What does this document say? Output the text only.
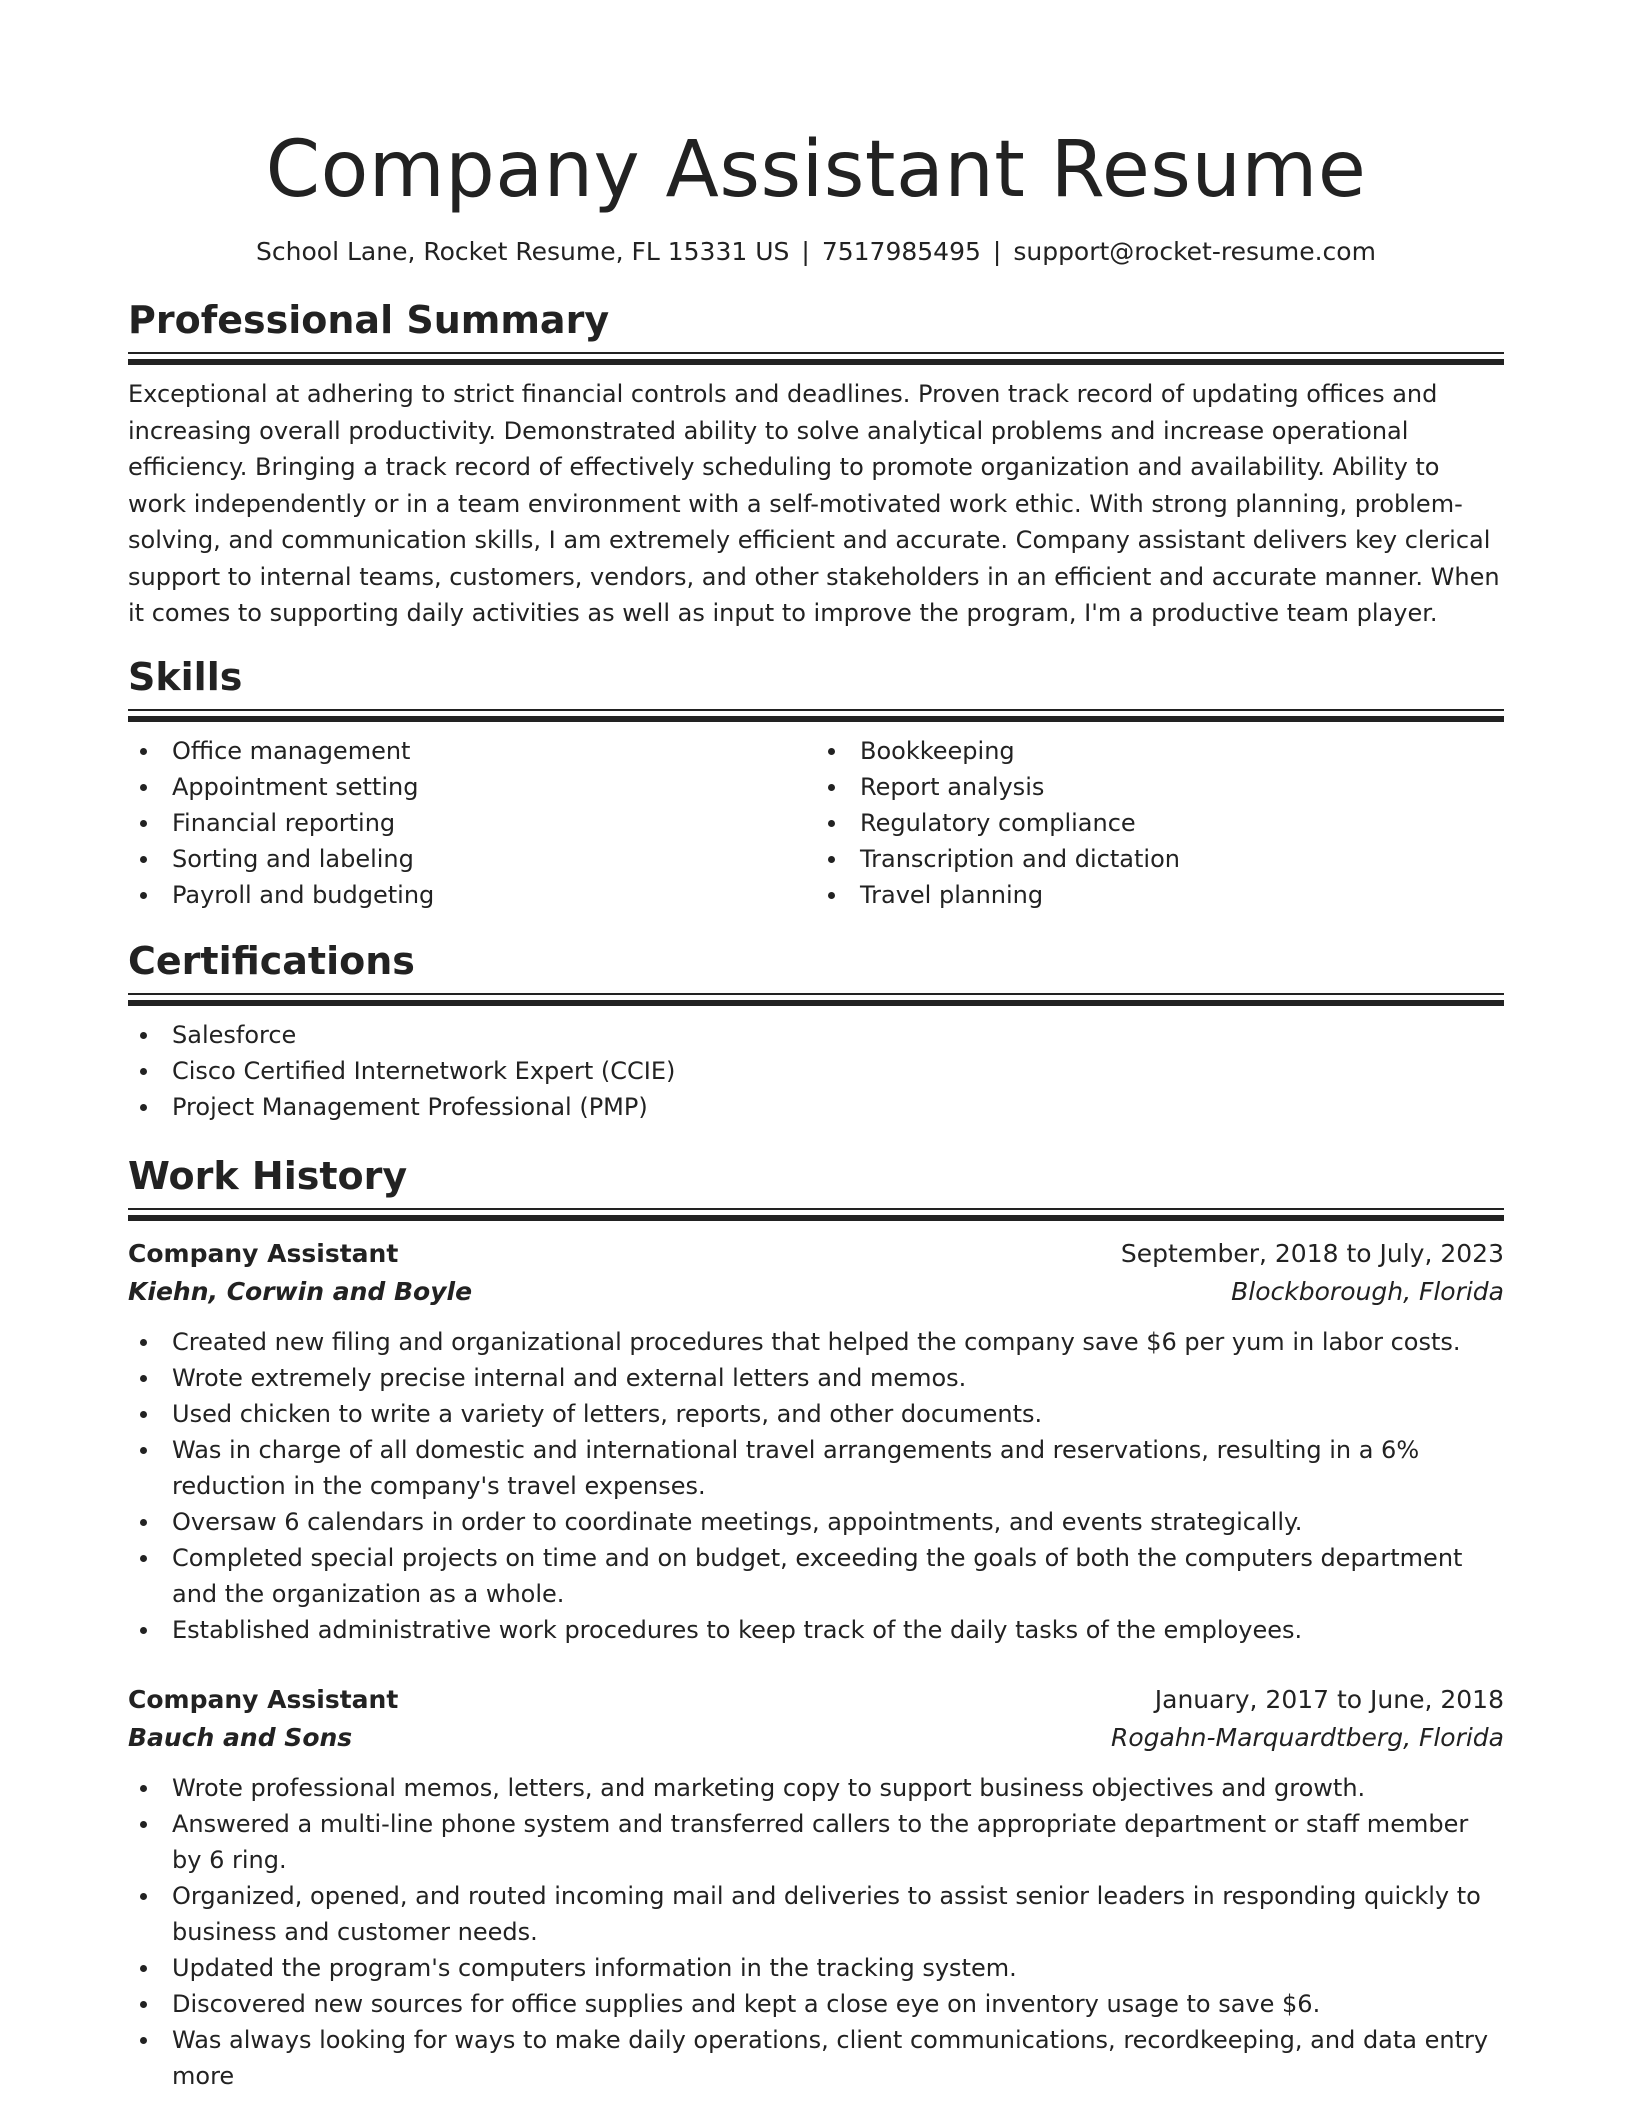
Company Assistant Resume
School Lane, Rocket Resume, FL 15331 US | 7517985495 | support@rocket-resume.com
Professional Summary
Exceptional at adhering to strict financial controls and deadlines. Proven track record of updating offices and increasing overall productivity. Demonstrated ability to solve analytical problems and increase operational efficiency. Bringing a track record of effectively scheduling to promote organization and availability. Ability to work independently or in a team environment with a self-motivated work ethic. With strong planning, problem-solving, and communication skills, I am extremely efficient and accurate. Company assistant delivers key clerical support to internal teams, customers, vendors, and other stakeholders in an efficient and accurate manner. When it comes to supporting daily activities as well as input to improve the program, I'm a productive team player.
Skills
Office management
Appointment setting
Financial reporting
Sorting and labeling
Payroll and budgeting
Bookkeeping
Report analysis
Regulatory compliance
Transcription and dictation
Travel planning
Certifications
Salesforce
Cisco Certified Internetwork Expert (CCIE)
Project Management Professional (PMP)
Work History
Company Assistant	September, 2018 to July, 2023
Kiehn, Corwin and Boyle	Blockborough, Florida
Created new filing and organizational procedures that helped the company save $6 per yum in labor costs.
Wrote extremely precise internal and external letters and memos.
Used chicken to write a variety of letters, reports, and other documents.
Was in charge of all domestic and international travel arrangements and reservations, resulting in a 6% reduction in the company's travel expenses.
Oversaw 6 calendars in order to coordinate meetings, appointments, and events strategically.
Completed special projects on time and on budget, exceeding the goals of both the computers department and the organization as a whole.
Established administrative work procedures to keep track of the daily tasks of the employees.
Company Assistant	January, 2017 to June, 2018
Bauch and Sons	Rogahn-Marquardtberg, Florida
Wrote professional memos, letters, and marketing copy to support business objectives and growth.
Answered a multi-line phone system and transferred callers to the appropriate department or staff member by 6 ring.
Organized, opened, and routed incoming mail and deliveries to assist senior leaders in responding quickly to business and customer needs.
Updated the program's computers information in the tracking system.
Discovered new sources for office supplies and kept a close eye on inventory usage to save $6.
Was always looking for ways to make daily operations, client communications, recordkeeping, and data entry more
